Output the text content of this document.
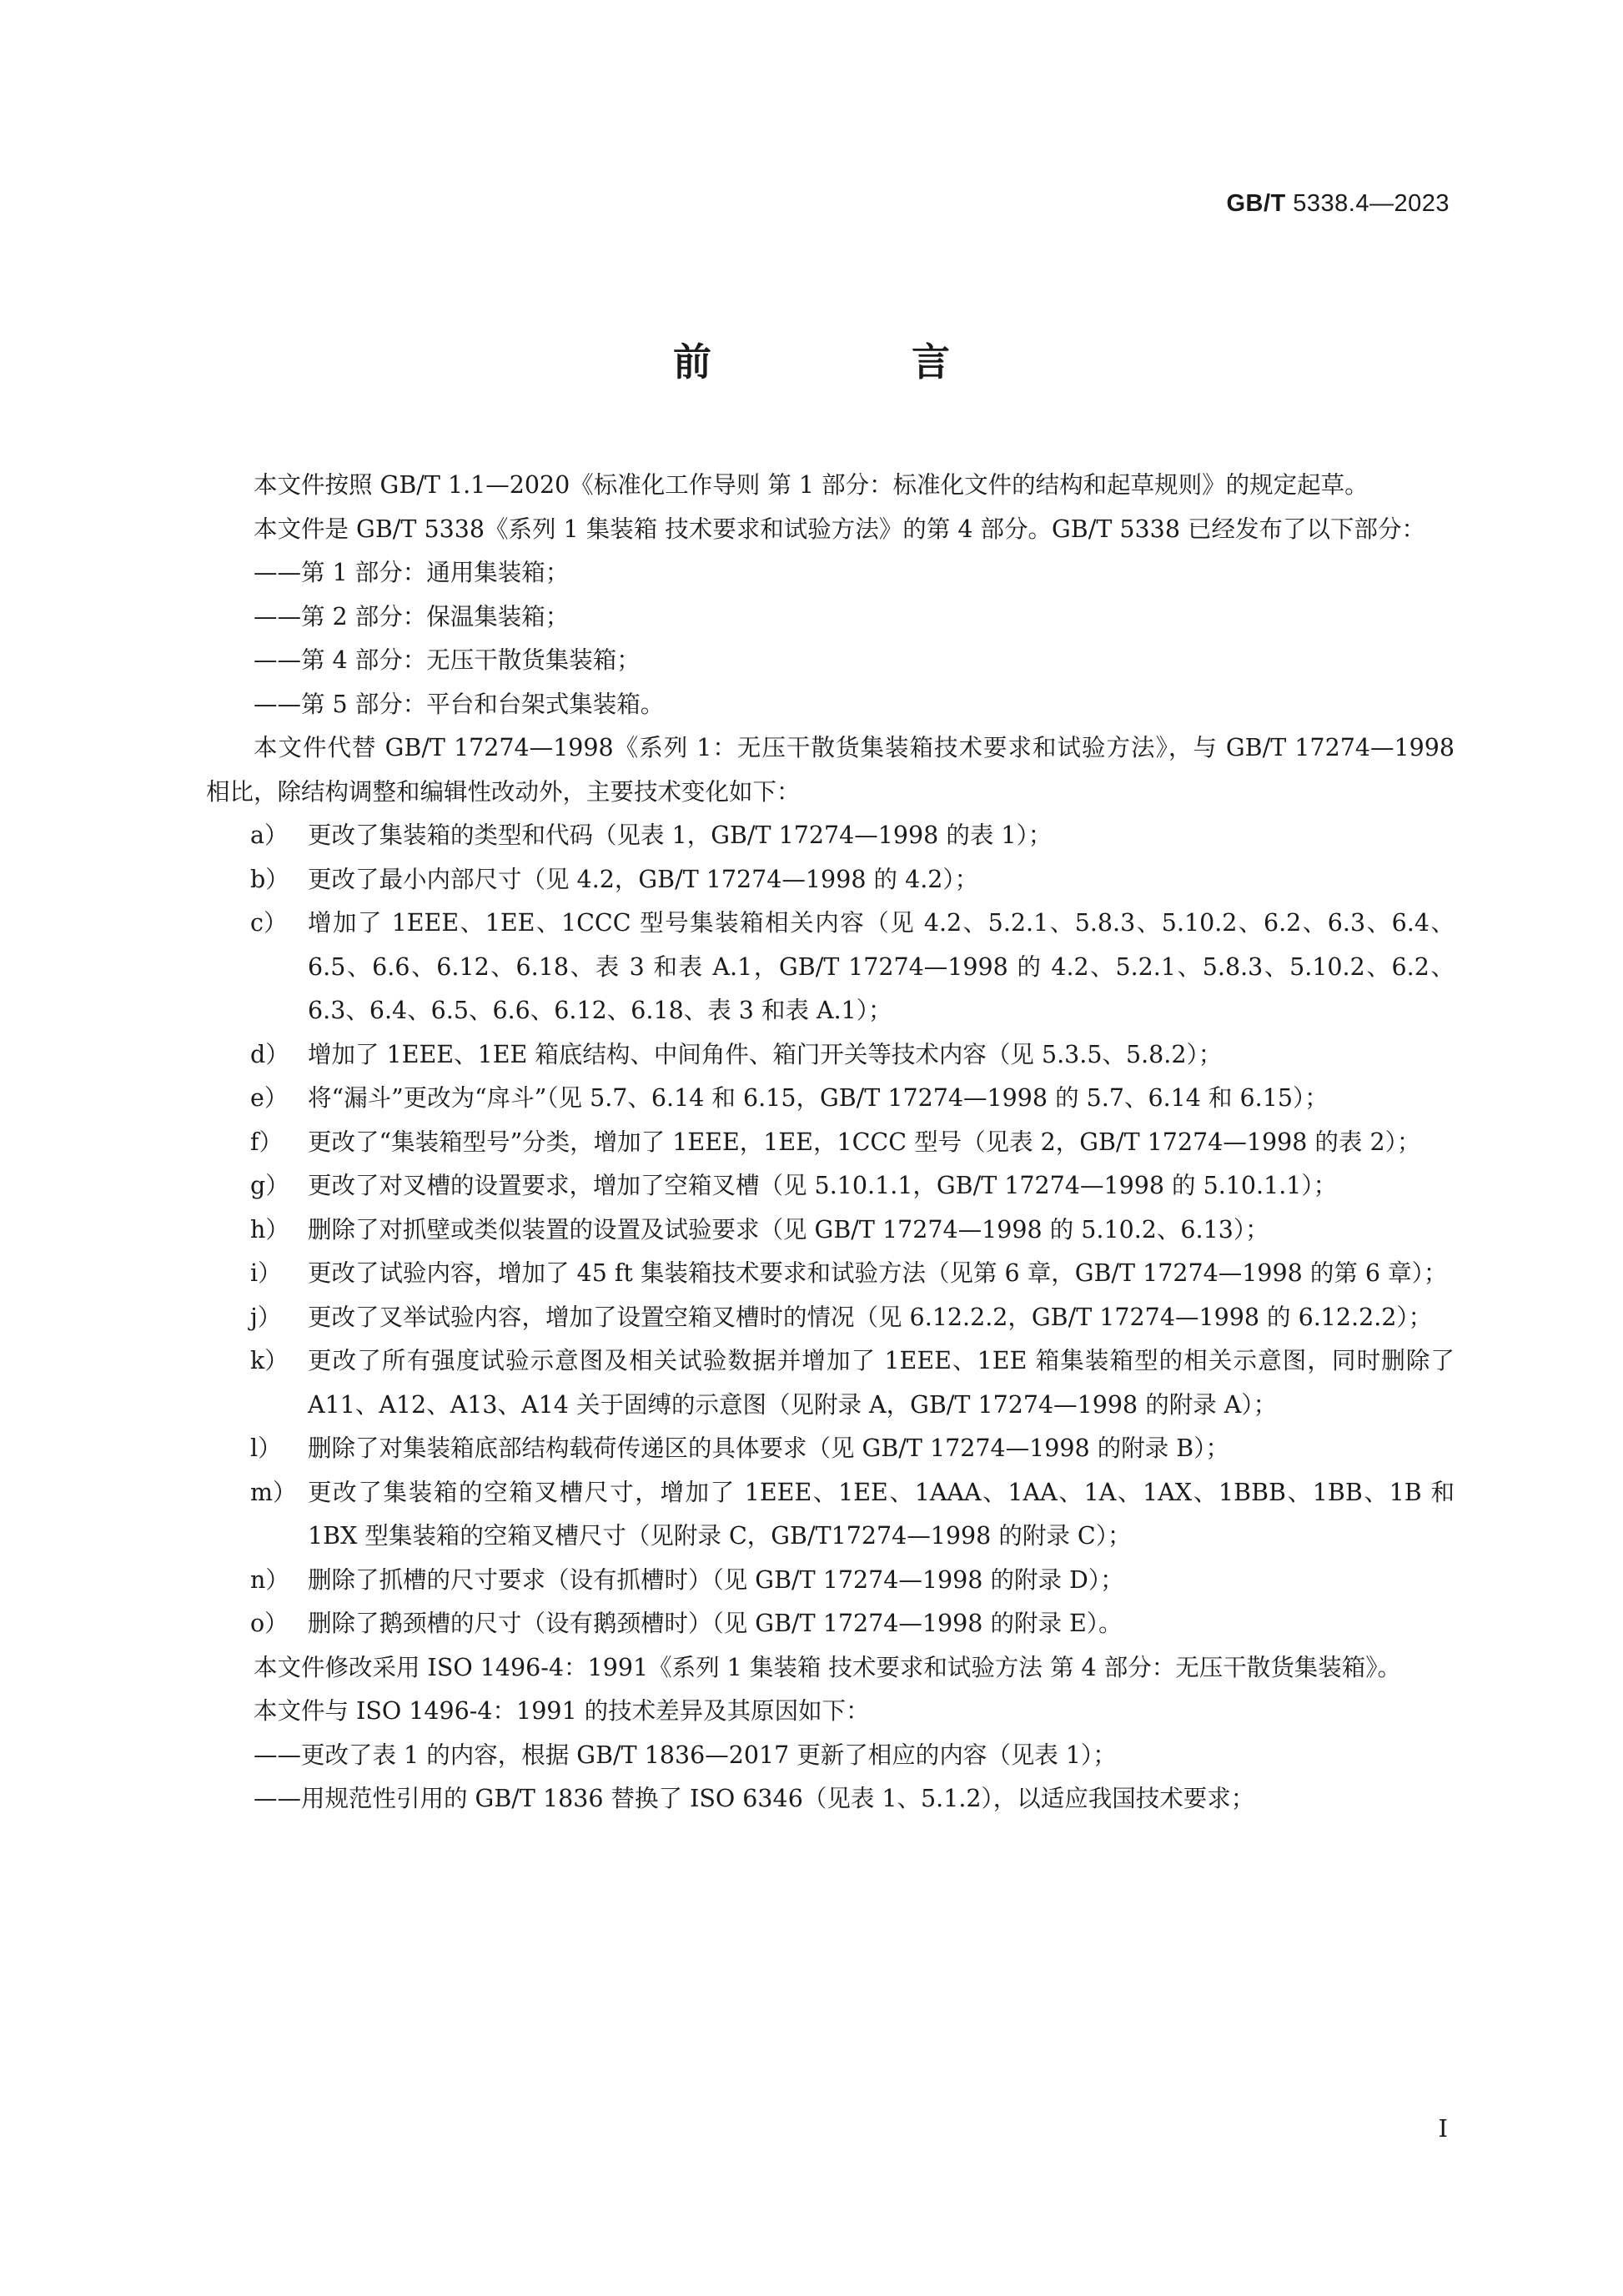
GB/T 5338.4—2023
前 言

本文件按照 GB/T 1.1—2020《标准化工作导则 第 1 部分：标准化文件的结构和起草规则》的规定起草。

本文件是 GB/T 5338《系列 1 集装箱 技术要求和试验方法》的第 4 部分。GB/T 5338 已经发布了以下部分：

——第 1 部分：通用集装箱；

——第 2 部分：保温集装箱；

——第 4 部分：无压干散货集装箱；

——第 5 部分：平台和台架式集装箱。

本文件代替 GB/T 17274—1998《系列 1：无压干散货集装箱技术要求和试验方法》，与 GB/T 17274—1998 相比，除结构调整和编辑性改动外，主要技术变化如下：

a） 更改了集装箱的类型和代码（见表 1，GB/T 17274—1998 的表 1）；

b） 更改了最小内部尺寸（见 4.2，GB/T 17274—1998 的 4.2）；

c） 增加了 1EEE、1EE、1CCC 型号集装箱相关内容（见 4.2、5.2.1、5.8.3、5.10.2、6.2、6.3、6.4、6.5、6.6、6.12、6.18、表 3 和表 A.1，GB/T 17274—1998 的 4.2、5.2.1、5.8.3、5.10.2、6.2、6.3、6.4、6.5、6.6、6.12、6.18、表 3 和表 A.1）；

d） 增加了 1EEE、1EE 箱底结构、中间角件、箱门开关等技术内容（见 5.3.5、5.8.2）；

e） 将“漏斗”更改为“戽斗”（见 5.7、6.14 和 6.15，GB/T 17274—1998 的 5.7、6.14 和 6.15）；

f） 更改了“集装箱型号”分类，增加了 1EEE，1EE，1CCC 型号（见表 2，GB/T 17274—1998 的表 2）；

g） 更改了对叉槽的设置要求，增加了空箱叉槽（见 5.10.1.1，GB/T 17274—1998 的 5.10.1.1）；

h） 删除了对抓壁或类似装置的设置及试验要求（见 GB/T 17274—1998 的 5.10.2、6.13）；

i） 更改了试验内容，增加了 45 ft 集装箱技术要求和试验方法（见第 6 章，GB/T 17274—1998 的第 6 章）；

j） 更改了叉举试验内容，增加了设置空箱叉槽时的情况（见 6.12.2.2，GB/T 17274—1998 的 6.12.2.2）；

k） 更改了所有强度试验示意图及相关试验数据并增加了 1EEE、1EE 箱集装箱型的相关示意图，同时删除了 A11、A12、A13、A14 关于固缚的示意图（见附录 A，GB/T 17274—1998 的附录 A）；

l） 删除了对集装箱底部结构载荷传递区的具体要求（见 GB/T 17274—1998 的附录 B）；

m） 更改了集装箱的空箱叉槽尺寸，增加了 1EEE、1EE、1AAA、1AA、1A、1AX、1BBB、1BB、1B 和 1BX 型集装箱的空箱叉槽尺寸（见附录 C，GB/T17274—1998 的附录 C）；

n） 删除了抓槽的尺寸要求（设有抓槽时）（见 GB/T 17274—1998 的附录 D）；

o） 删除了鹅颈槽的尺寸（设有鹅颈槽时）（见 GB/T 17274—1998 的附录 E）。

本文件修改采用 ISO 1496-4：1991《系列 1 集装箱 技术要求和试验方法 第 4 部分：无压干散货集装箱》。

本文件与 ISO 1496-4：1991 的技术差异及其原因如下：

——更改了表 1 的内容，根据 GB/T 1836—2017 更新了相应的内容（见表 1）；

——用规范性引用的 GB/T 1836 替换了 ISO 6346（见表 1、5.1.2），以适应我国技术要求；

I
